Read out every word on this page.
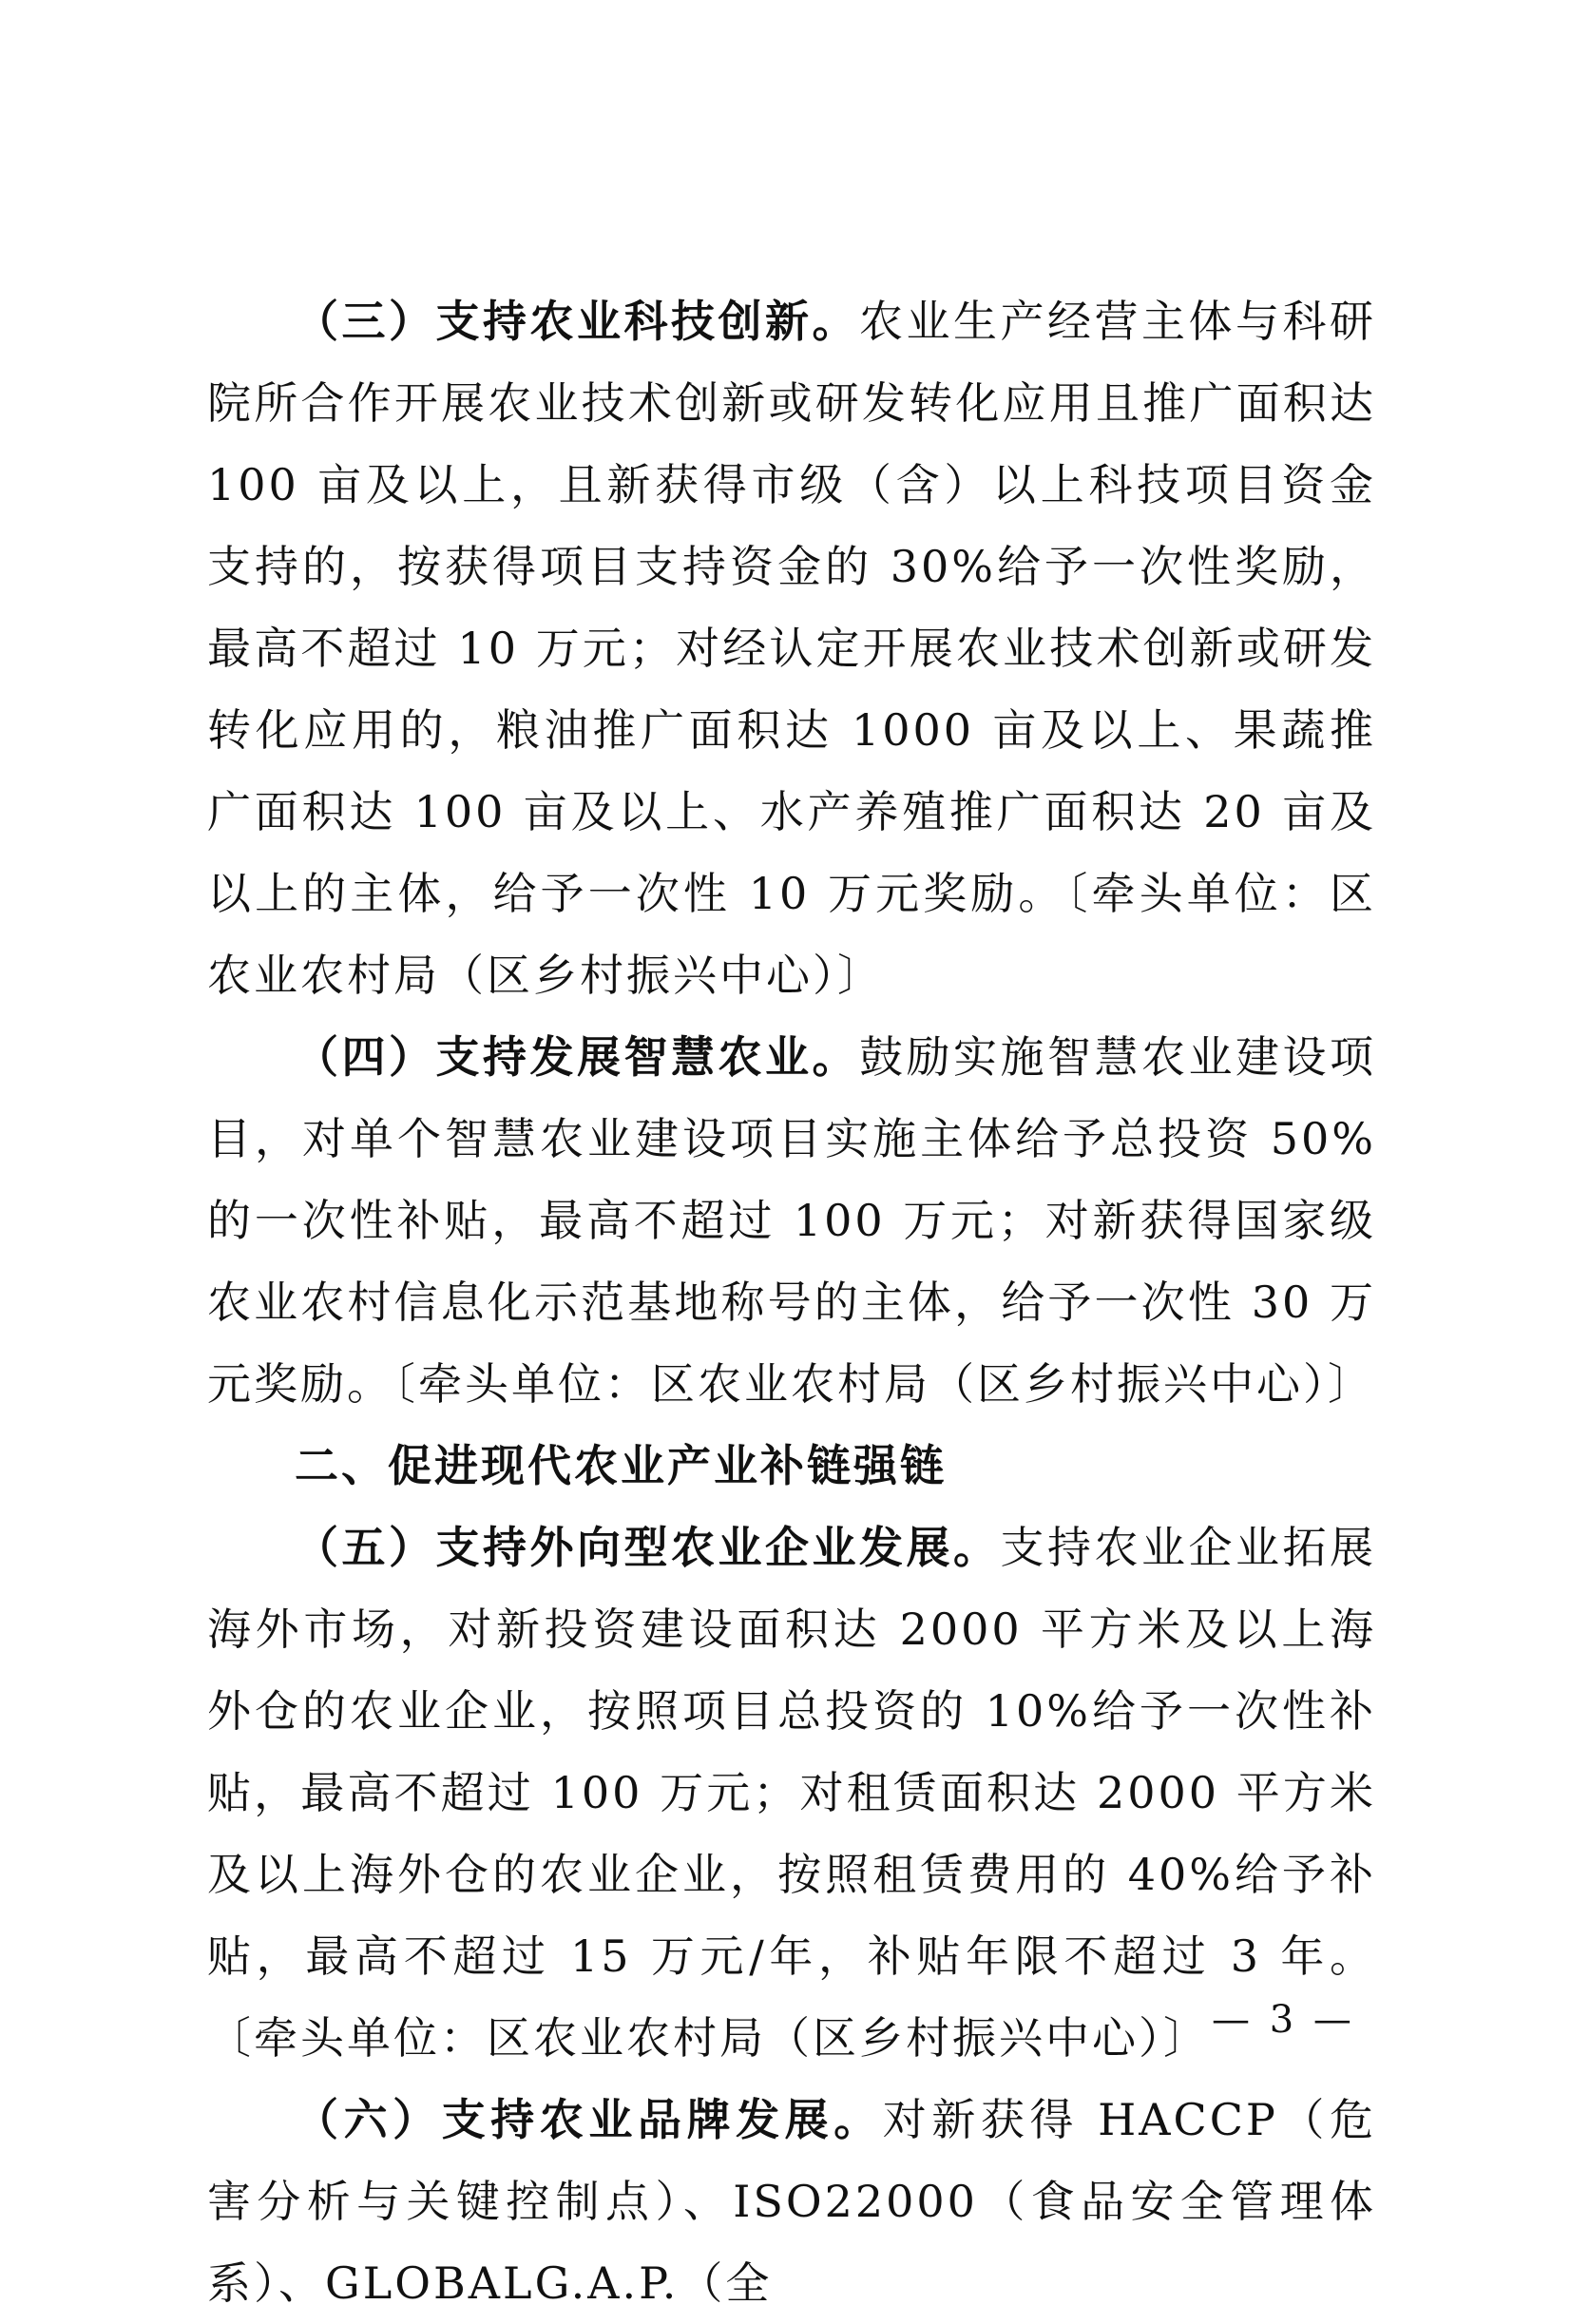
（三）支持农业科技创新。农业生产经营主体与科研院所合作开展农业技术创新或研发转化应用且推广面积达 100 亩及以上，且新获得市级（含）以上科技项目资金支持的，按获得项目支持资金的 30%给予一次性奖励，最高不超过 10 万元；对经认定开展农业技术创新或研发转化应用的，粮油推广面积达 1000 亩及以上、果蔬推广面积达 100 亩及以上、水产养殖推广面积达 20 亩及以上的主体，给予一次性 10 万元奖励。〔牵头单位：区农业农村局（区乡村振兴中心）〕

（四）支持发展智慧农业。鼓励实施智慧农业建设项目，对单个智慧农业建设项目实施主体给予总投资 50%的一次性补贴，最高不超过 100 万元；对新获得国家级农业农村信息化示范基地称号的主体，给予一次性 30 万元奖励。〔牵头单位：区农业农村局（区乡村振兴中心）〕

二、促进现代农业产业补链强链

（五）支持外向型农业企业发展。支持农业企业拓展海外市场，对新投资建设面积达 2000 平方米及以上海外仓的农业企业，按照项目总投资的 10%给予一次性补贴，最高不超过 100 万元；对租赁面积达 2000 平方米及以上海外仓的农业企业，按照租赁费用的 40%给予补贴，最高不超过 15 万元/年，补贴年限不超过 3 年。〔牵头单位：区农业农村局（区乡村振兴中心）〕

（六）支持农业品牌发展。对新获得 HACCP（危害分析与关键控制点）、ISO22000（食品安全管理体系）、GLOBALG.A.P.（全

— 3 —
